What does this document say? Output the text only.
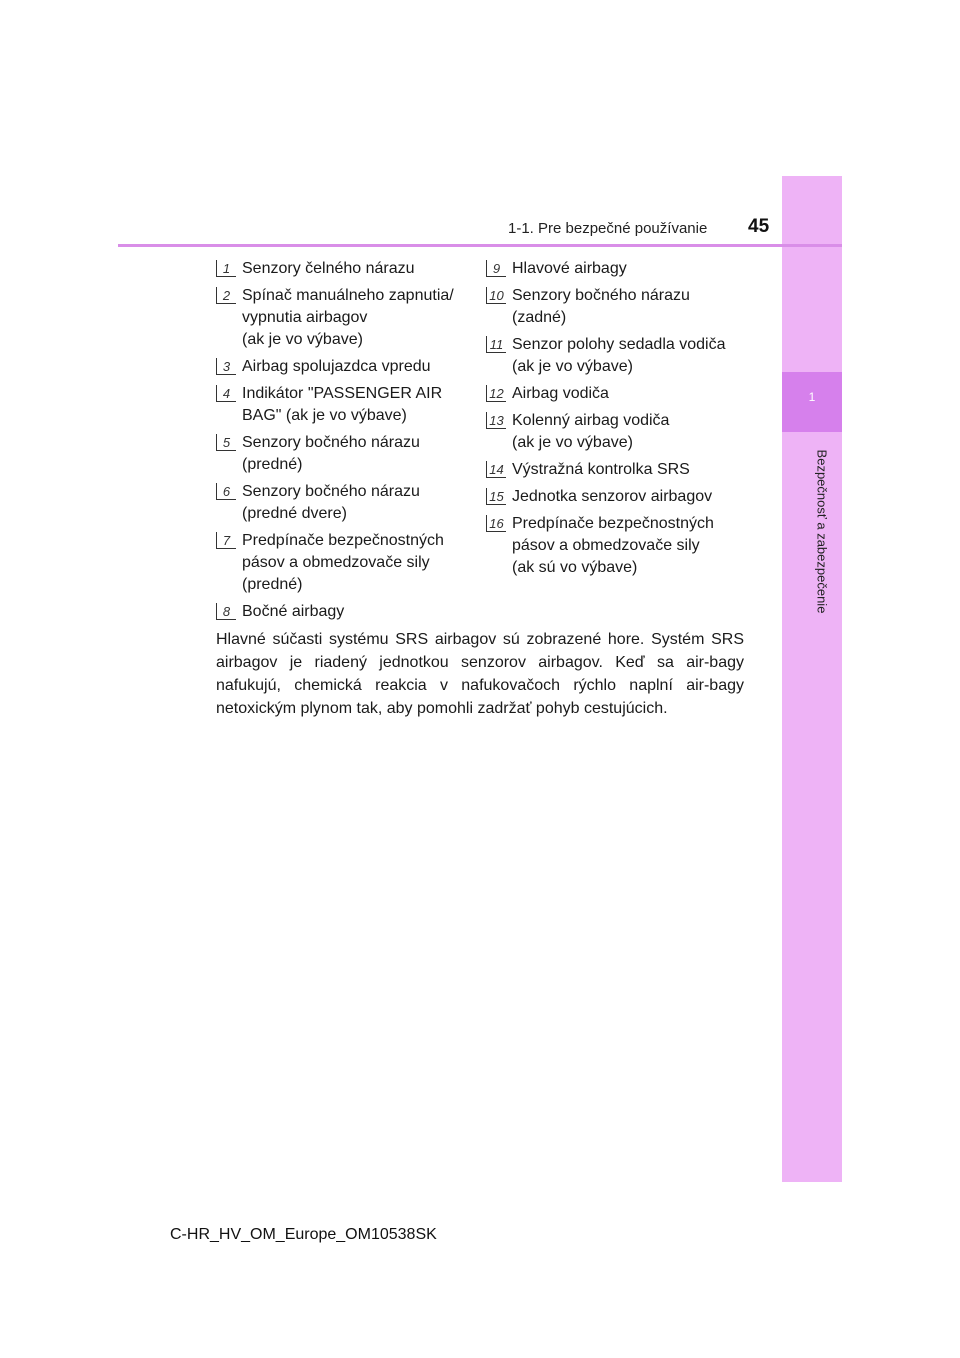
1
Bezpečnosť a zabezpečenie
1-1. Pre bezpečné používanie 45
1 Senzory čelného nárazu
2 Spínač manuálneho zapnutia/
vypnutia airbagov
(ak je vo výbave)
3 Airbag spolujazdca vpredu
4 Indikátor "PASSENGER AIR
BAG" (ak je vo výbave)
5 Senzory bočného nárazu
(predné)
6 Senzory bočného nárazu
(predné dvere)
7 Predpínače bezpečnostných
pásov a obmedzovače sily
(predné)
8 Bočné airbagy
9 Hlavové airbagy
10 Senzory bočného nárazu
(zadné)
11 Senzor polohy sedadla vodiča
(ak je vo výbave)
12 Airbag vodiča
13 Kolenný airbag vodiča
(ak je vo výbave)
14 Výstražná kontrolka SRS
15 Jednotka senzorov airbagov
16 Predpínače bezpečnostných
pásov a obmedzovače sily
(ak sú vo výbave)
Hlavné súčasti systému SRS airbagov sú zobrazené hore. Systém SRS airbagov je riadený jednotkou senzorov airbagov. Keď sa air-bagy nafukujú, chemická reakcia v nafukovačoch rýchlo naplní air-bagy netoxickým plynom tak, aby pomohli zadržať pohyb cestujúcich.
C-HR_HV_OM_Europe_OM10538SK
